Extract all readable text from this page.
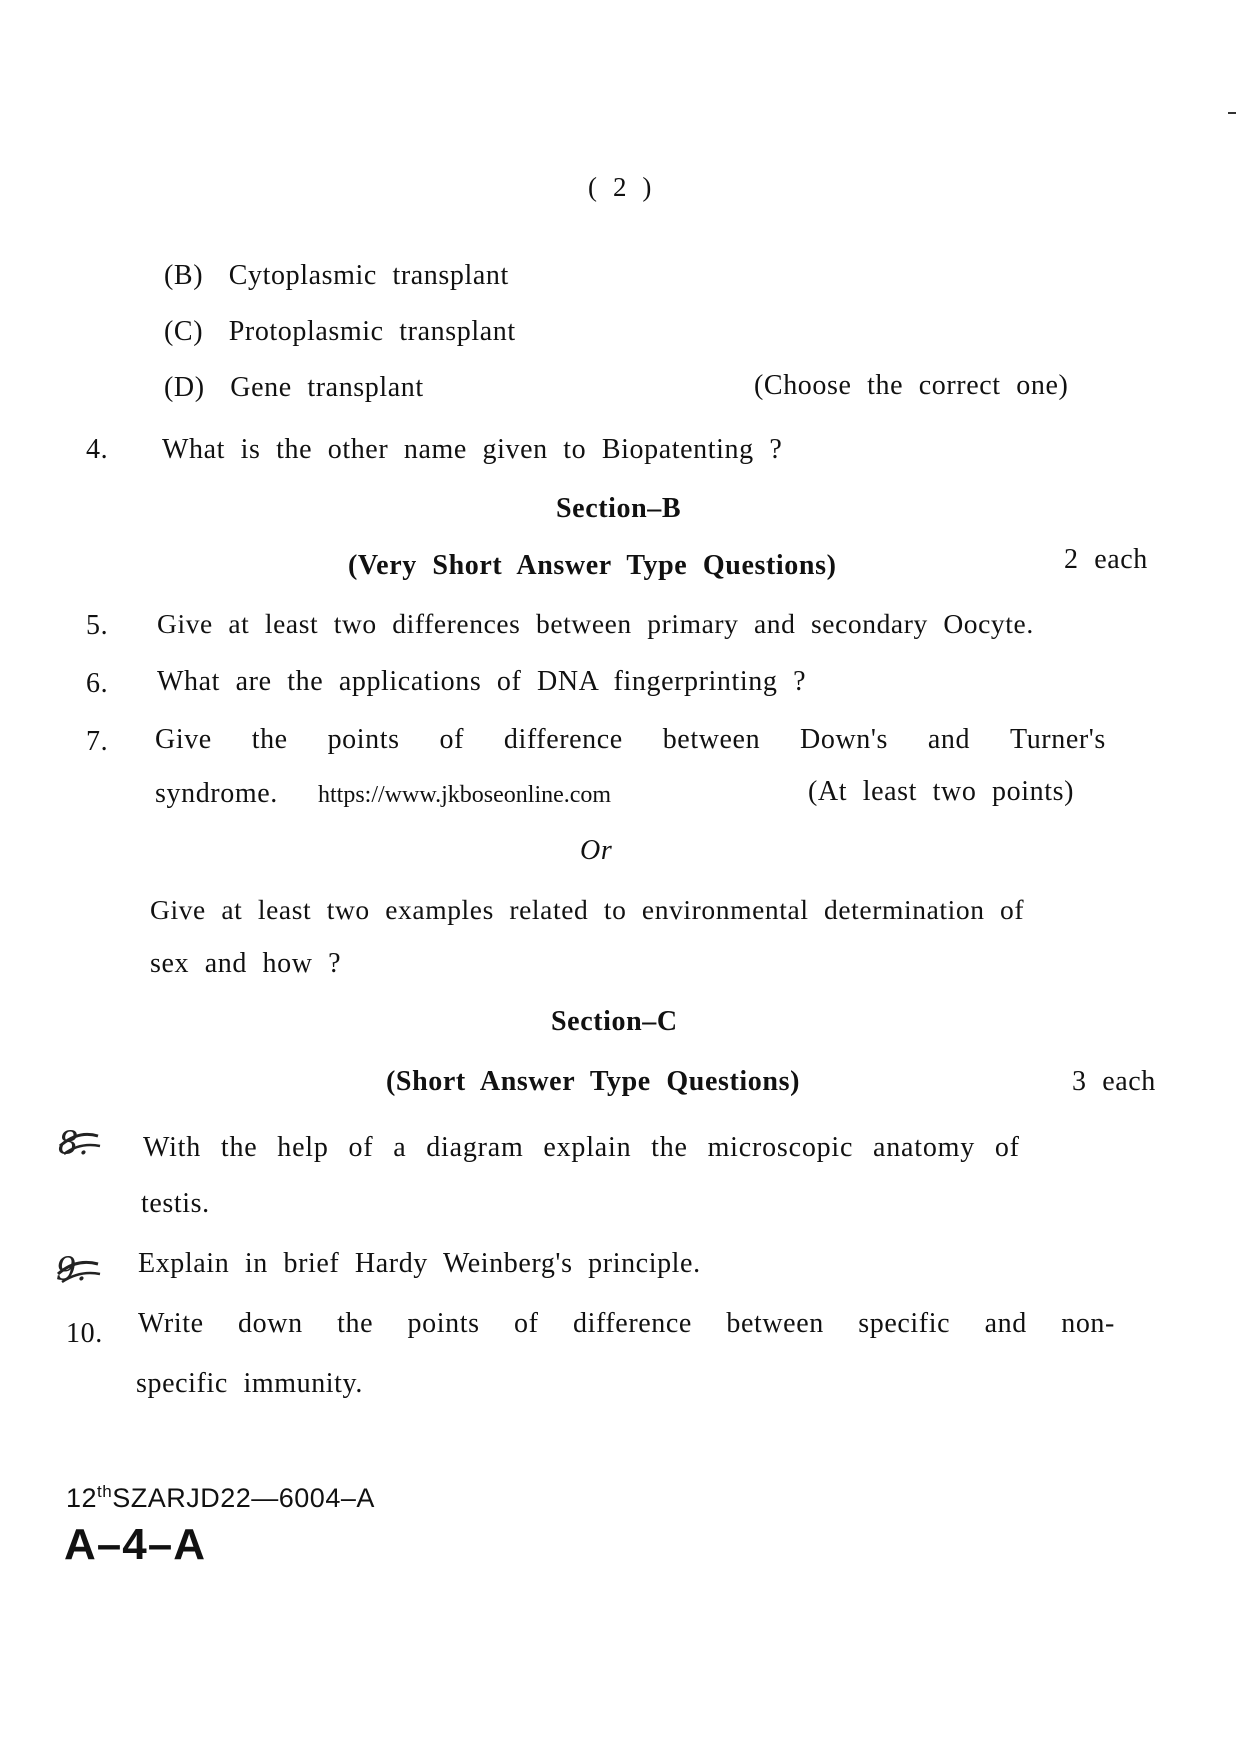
( 2 )
(B) Cytoplasmic transplant
(C) Protoplasmic transplant
(D) Gene transplant	(Choose the correct one)
4. What is the other name given to Biopatenting ?
Section–B
(Very Short Answer Type Questions)	2 each
5. Give at least two differences between primary and secondary Oocyte.
6. What are the applications of DNA fingerprinting ?
7. Give the points of difference between Down's and Turner's
syndrome. https://www.jkboseonline.com	(At least two points)
Or
Give at least two examples related to environmental determination of
sex and how ?
Section–C
(Short Answer Type Questions)	3 each
8.	With the help of a diagram explain the microscopic anatomy of
testis.
9.	Explain in brief Hardy Weinberg's principle.
10. Write down the points of difference between specific and non-
specific immunity.
12thSZARJD22—6004–A
A–4–A
